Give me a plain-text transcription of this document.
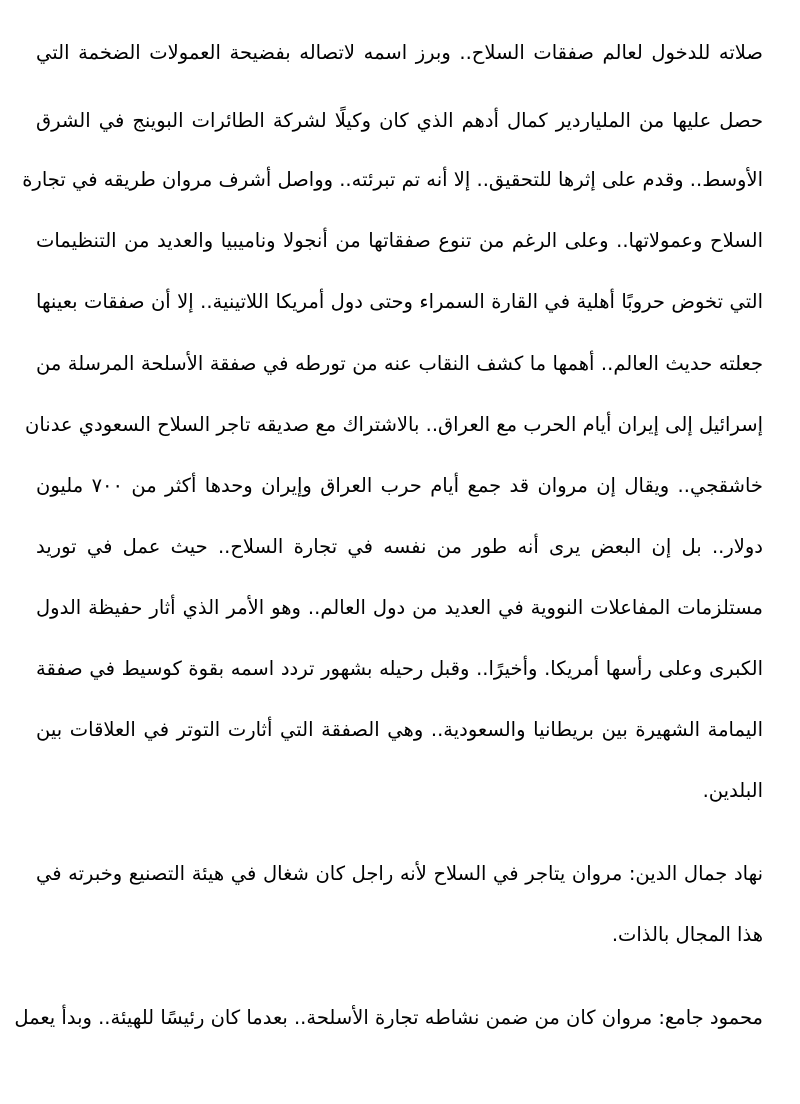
صلاته للدخول لعالم صفقات السلاح.. وبرز اسمه لاتصاله بفضيحة العمولات الضخمة التي
حصل عليها من الملياردير كمال أدهم الذي كان وكيلًا لشركة الطائرات البوينج في الشرق
الأوسط.. وقدم على إثرها للتحقيق.. إلا أنه تم تبرئته.. وواصل أشرف مروان طريقه في تجارة
السلاح وعمولاتها.. وعلى الرغم من تنوع صفقاتها من أنجولا وناميبيا والعديد من التنظيمات
التي تخوض حروبًا أهلية في القارة السمراء وحتى دول أمريكا اللاتينية.. إلا أن صفقات بعينها
جعلته حديث العالم.. أهمها ما كشف النقاب عنه من تورطه في صفقة الأسلحة المرسلة من
إسرائيل إلى إيران أيام الحرب مع العراق.. بالاشتراك مع صديقه تاجر السلاح السعودي عدنان
خاشقجي.. ويقال إن مروان قد جمع أيام حرب العراق وإيران وحدها أكثر من ٧٠٠ مليون
دولار.. بل إن البعض يرى أنه طور من نفسه في تجارة السلاح.. حيث عمل في توريد
مستلزمات المفاعلات النووية في العديد من دول العالم.. وهو الأمر الذي أثار حفيظة الدول
الكبرى وعلى رأسها أمريكا. وأخيرًا.. وقبل رحيله بشهور تردد اسمه بقوة كوسيط في صفقة
اليمامة الشهيرة بين بريطانيا والسعودية.. وهي الصفقة التي أثارت التوتر في العلاقات بين
البلدين.
نهاد جمال الدين: مروان يتاجر في السلاح لأنه راجل كان شغال في هيئة التصنيع وخبرته في
هذا المجال بالذات.
محمود جامع: مروان كان من ضمن نشاطه تجارة الأسلحة.. بعدما كان رئيسًا للهيئة.. وبدأ يعمل
